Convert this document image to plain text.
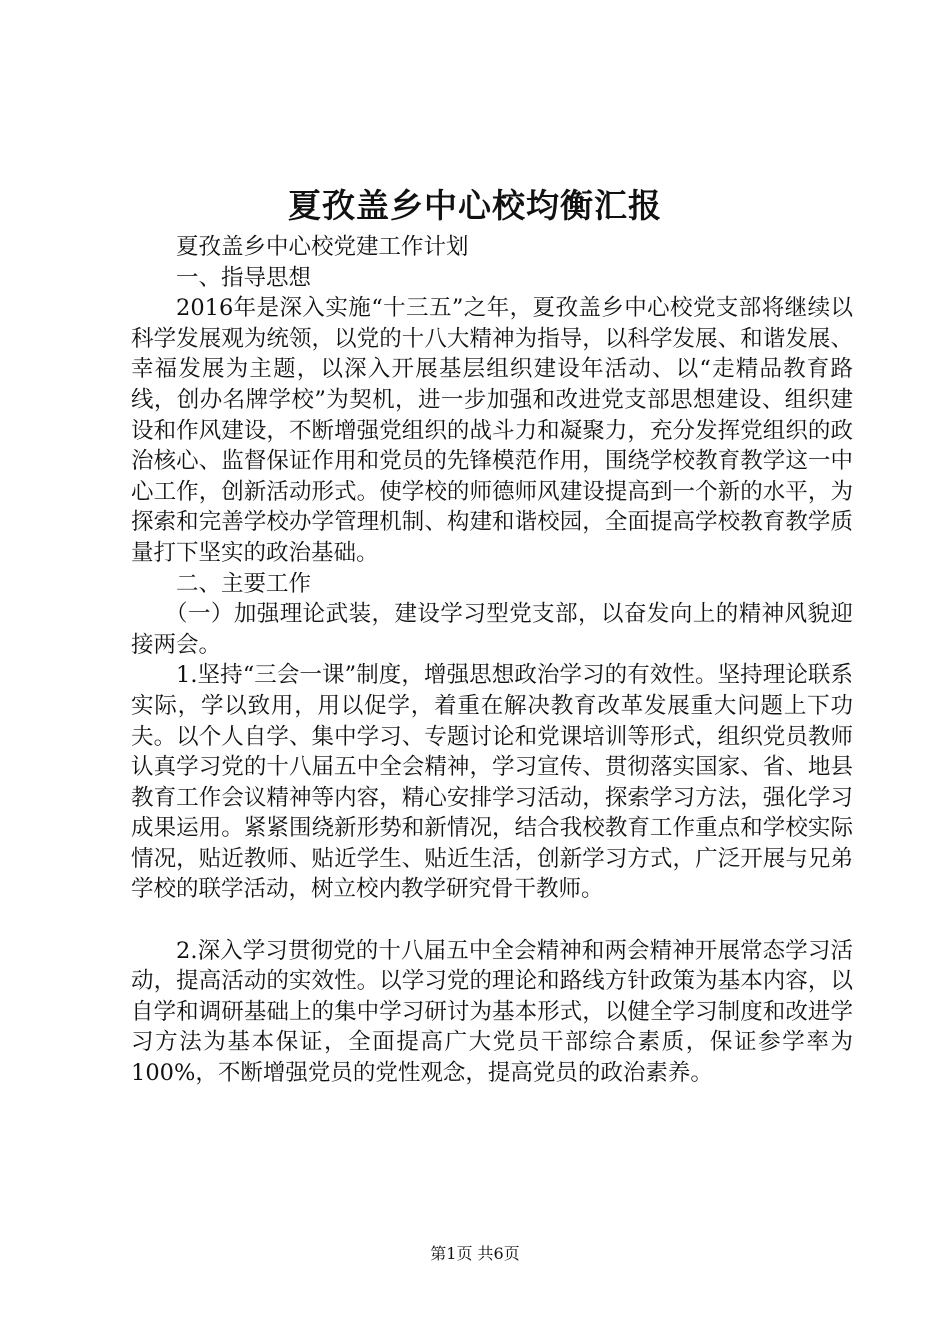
夏孜盖乡中心校均衡汇报

夏孜盖乡中心校党建工作计划

一、指导思想

2016年是深入实施“十三五”之年，夏孜盖乡中心校党支部将继续以科学发展观为统领，以党的十八大精神为指导，以科学发展、和谐发展、幸福发展为主题，以深入开展基层组织建设年活动、以“走精品教育路线，创办名牌学校”为契机，进一步加强和改进党支部思想建设、组织建设和作风建设，不断增强党组织的战斗力和凝聚力，充分发挥党组织的政治核心、监督保证作用和党员的先锋模范作用，围绕学校教育教学这一中心工作，创新活动形式。使学校的师德师风建设提高到一个新的水平，为探索和完善学校办学管理机制、构建和谐校园，全面提高学校教育教学质量打下坚实的政治基础。

二、主要工作

（一）加强理论武装，建设学习型党支部，以奋发向上的精神风貌迎接两会。

1.坚持“三会一课”制度，增强思想政治学习的有效性。坚持理论联系实际，学以致用，用以促学，着重在解决教育改革发展重大问题上下功夫。以个人自学、集中学习、专题讨论和党课培训等形式，组织党员教师认真学习党的十八届五中全会精神，学习宣传、贯彻落实国家、省、地县教育工作会议精神等内容，精心安排学习活动，探索学习方法，强化学习成果运用。紧紧围绕新形势和新情况，结合我校教育工作重点和学校实际情况，贴近教师、贴近学生、贴近生活，创新学习方式，广泛开展与兄弟学校的联学活动，树立校内教学研究骨干教师。

2.深入学习贯彻党的十八届五中全会精神和两会精神开展常态学习活动，提高活动的实效性。以学习党的理论和路线方针政策为基本内容，以自学和调研基础上的集中学习研讨为基本形式，以健全学习制度和改进学习方法为基本保证，全面提高广大党员干部综合素质，保证参学率为100%，不断增强党员的党性观念，提高党员的政治素养。

第1页 共6页
